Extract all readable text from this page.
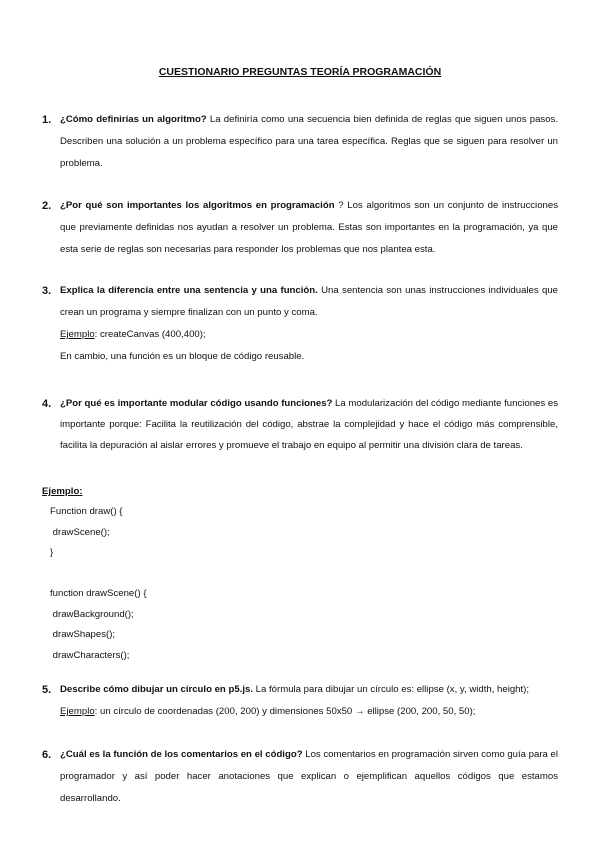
CUESTIONARIO PREGUNTAS TEORÍA PROGRAMACIÓN
1. ¿Cómo definirías un algoritmo? La definiría como una secuencia bien definida de reglas que siguen unos pasos. Describen una solución a un problema específico para una tarea específica. Reglas que se siguen para resolver un problema.

2. ¿Por qué son importantes los algoritmos en programación ? Los algoritmos son un conjunto de instrucciones que previamente definidas nos ayudan a resolver un problema. Estas son importantes en la programación, ya que esta serie de reglas son necesarias para responder los problemas que nos plantea esta.

3. Explica la diferencia entre una sentencia y una función. Una sentencia son unas instrucciones individuales que crean un programa y siempre finalizan con un punto y coma.

Ejemplo: createCanvas (400,400);

En cambio, una función es un bloque de código reusable.

4. ¿Por qué es importante modular código usando funciones? La modularización del código mediante funciones es importante porque: Facilita la reutilización del código, abstrae la complejidad y hace el código más comprensible, facilita la depuración al aislar errores y promueve el trabajo en equipo al permitir una división clara de tareas.

Ejemplo:
Function draw() {
drawScene();
}

function drawScene() {
drawBackground();
drawShapes();
drawCharacters();
5. Describe cómo dibujar un círculo en p5.js. La fórmula para dibujar un círculo es: ellipse (x, y, width, height);

Ejemplo: un círculo de coordenadas (200, 200) y dimensiones 50x50 → ellipse (200, 200, 50, 50);

6. ¿Cuál es la función de los comentarios en el código? Los comentarios en programación sirven como guía para el programador y así poder hacer anotaciones que explican o ejemplifican aquellos códigos que estamos desarrollando.
